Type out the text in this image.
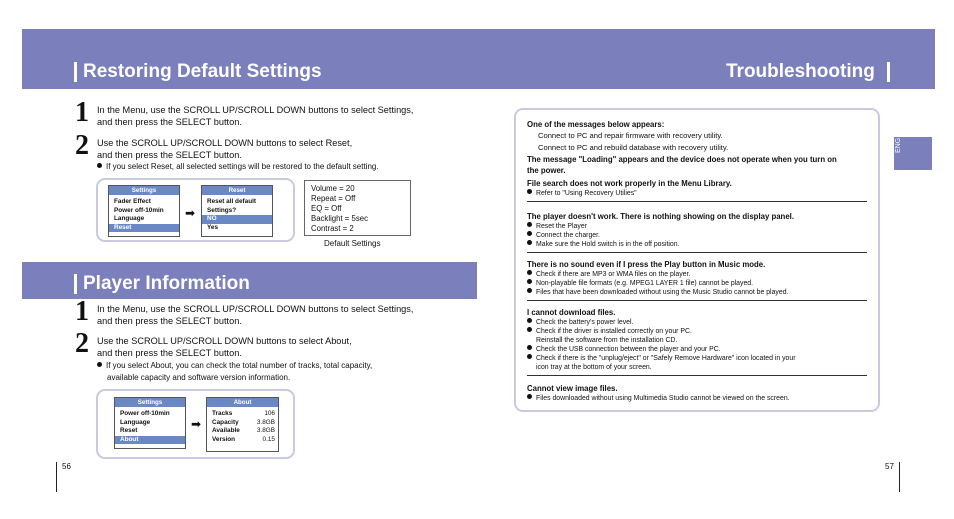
Restoring Default Settings	Troubleshooting
1 In the Menu, use the SCROLL UP/SCROLL DOWN buttons to select Settings,
and then press the SELECT button.
2 Use the SCROLL UP/SCROLL DOWN buttons to select Reset,
and then press the SELECT button.
If you select Reset, all selected settings will be restored to the default setting.
Settings
Fader Effect
Power off-10min
Language
Reset
➡
Reset
Reset all default
Settings?
NO
Yes
Volume = 20
Repeat = Off
EQ = Off
Backlight = 5sec
Contrast = 2
Default Settings
Player Information
1 In the Menu, use the SCROLL UP/SCROLL DOWN buttons to select Settings,
and then press the SELECT button.
2 Use the SCROLL UP/SCROLL DOWN buttons to select About,
and then press the SELECT button.
If you select About, you can check the total number of tracks, total capacity,
available capacity and software version information.
Settings
Power off-10min
Language
Reset
About
➡
About
Tracks	106
Capacity	3.8GB
Available	3.8GB
Version	0.15
One of the messages below appears:
Connect to PC and repair firmware with recovery utility.
Connect to PC and rebuild database with recovery utility.
The message "Loading" appears and the device does not operate when you turn on
the power.
File search does not work properly in the Menu Library.
Refer to "Using Recovery Utilies"
The player doesn't work. There is nothing showing on the display panel.
Reset the Player
Connect the charger.
Make sure the Hold switch is in the off position.
There is no sound even if I press the Play button in Music mode.
Check if there are MP3 or WMA files on the player.
Non-playable file formats (e.g. MPEG1 LAYER 1 file) cannot be played.
Files that have been downloaded without using the Music Studio cannot be played.
I cannot download files.
Check the battery's power level.
Check if the driver is installed correctly on your PC.
Reinstall the software from the installation CD.
Check the USB connection between the player and your PC.
Check if there is the "unplug/eject" or "Safely Remove Hardware" icon located in your
icon tray at the bottom of your screen.
Cannot view image files.
Files downloaded without using Multimedia Studio cannot be viewed on the screen.
ENG
56	57
